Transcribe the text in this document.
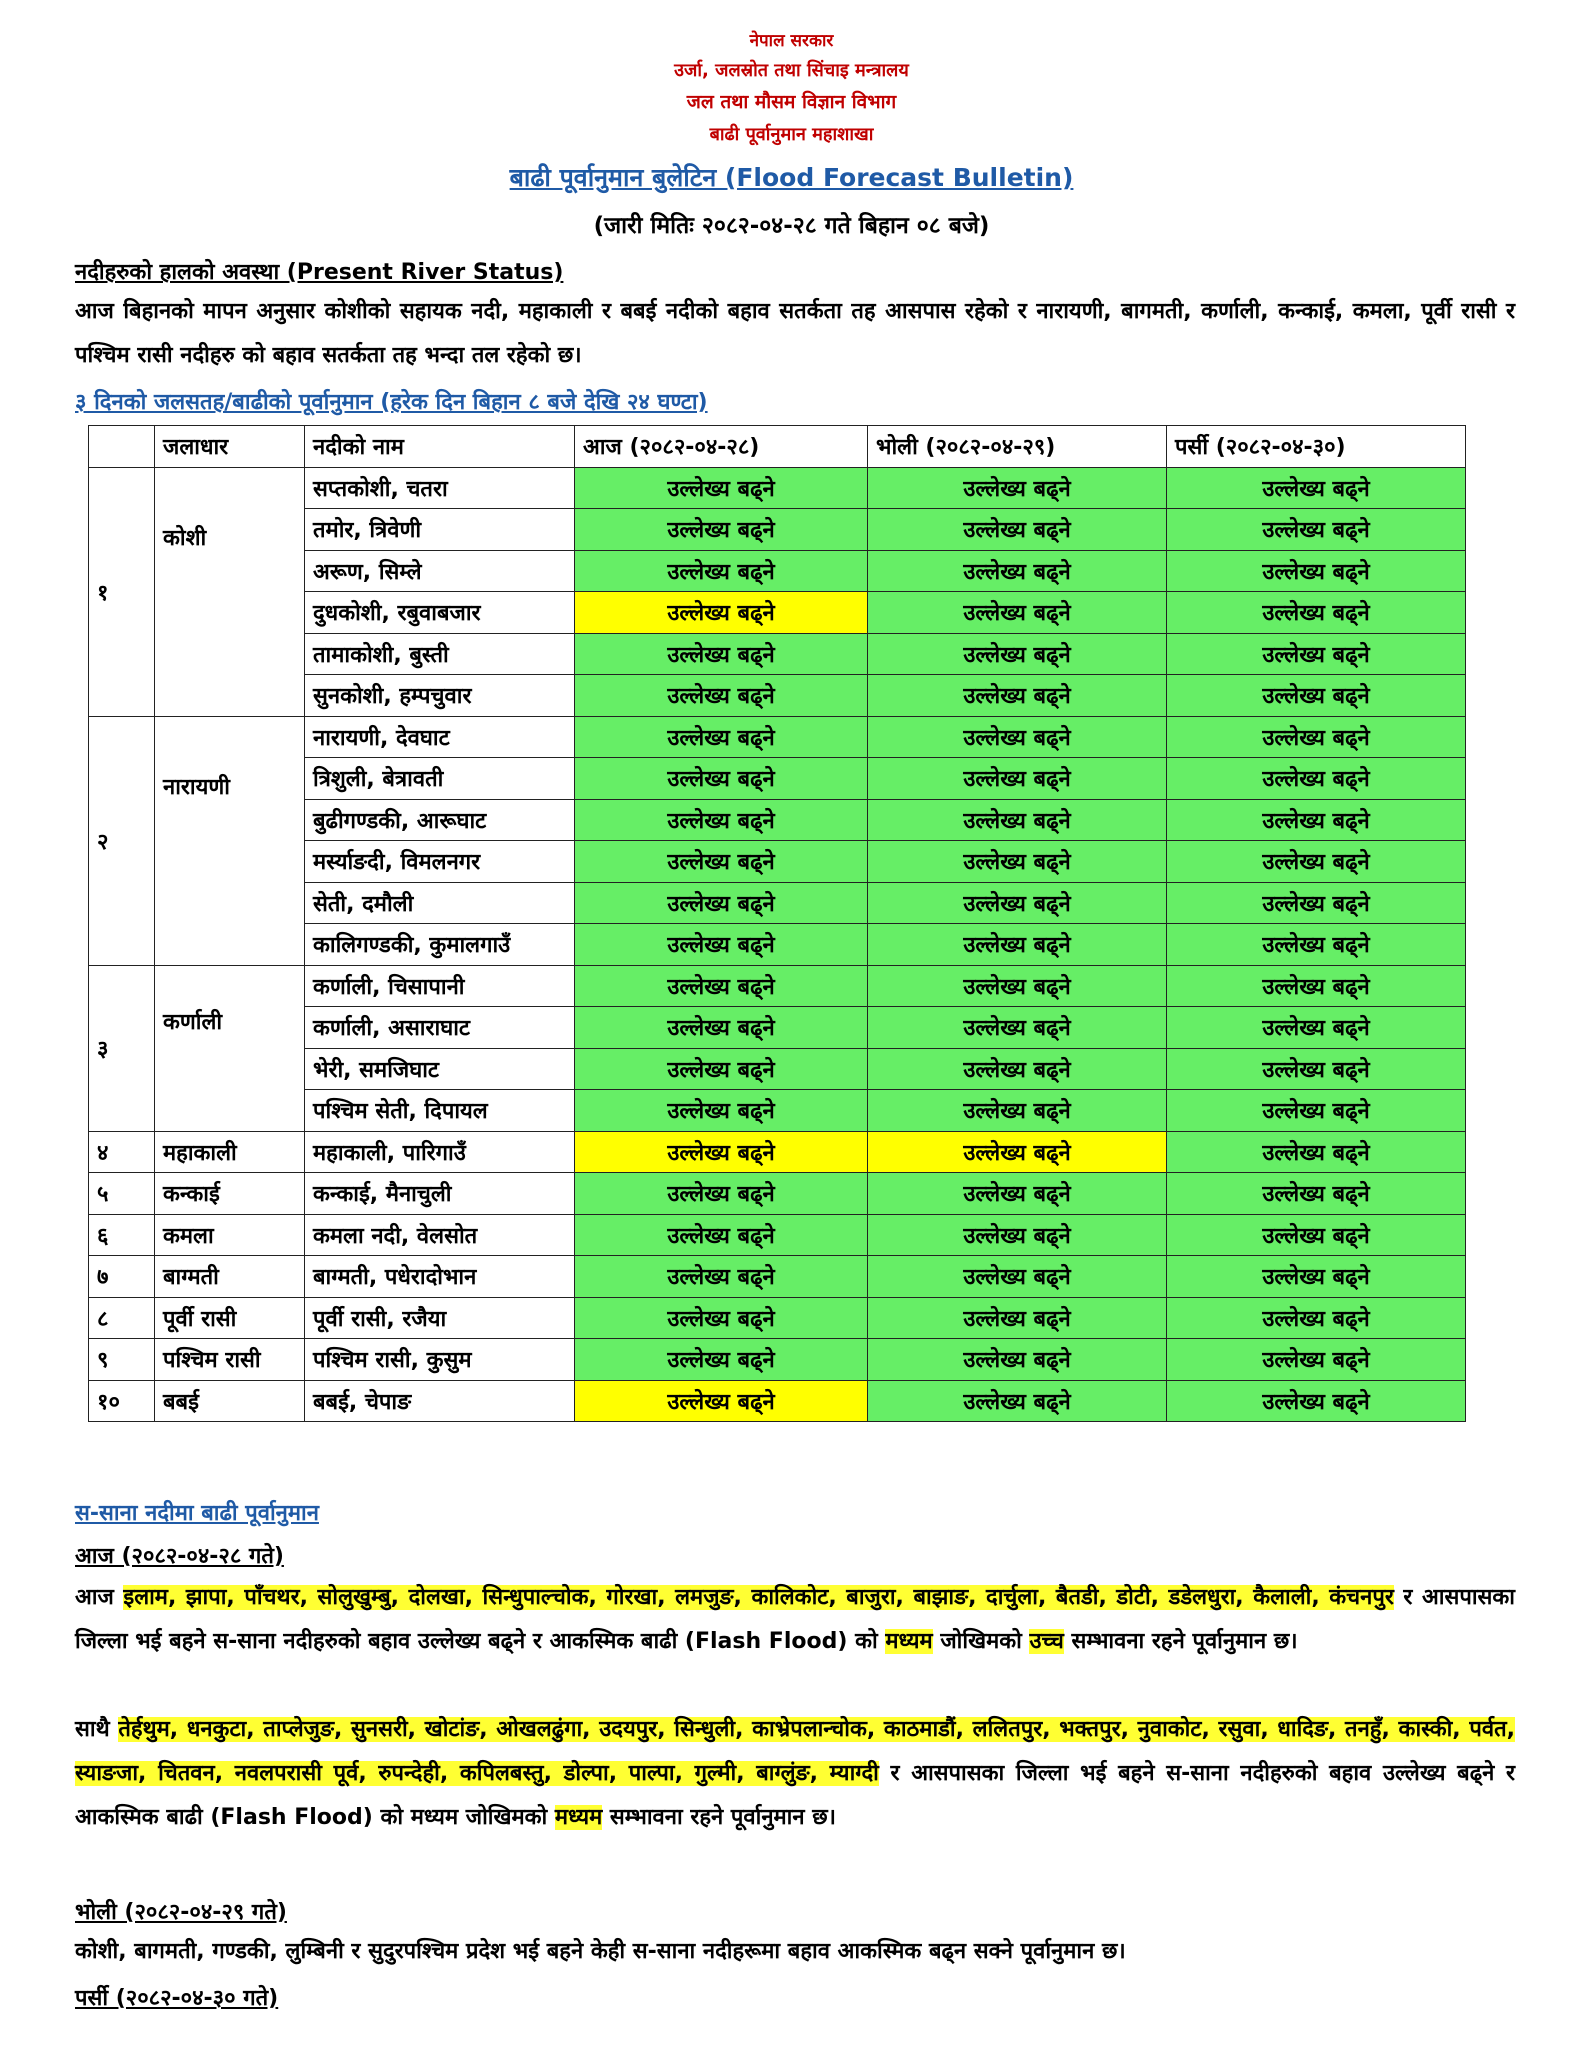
नेपाल सरकार
उर्जा, जलस्रोत तथा सिंचाइ मन्त्रालय
जल तथा मौसम विज्ञान विभाग
बाढी पूर्वानुमान महाशाखा
बाढी पूर्वानुमान बुलेटिन (Flood Forecast Bulletin)
(जारी मितिः २०८२-०४-२८ गते बिहान ०८ बजे)
नदीहरुको हालको अवस्था (Present River Status)
आज बिहानको मापन अनुसार कोशीको सहायक नदी, महाकाली र बबई नदीको बहाव सतर्कता तह आसपास रहेको र नारायणी, बागमती, कर्णाली, कन्काई, कमला, पूर्वी रासी र पश्चिम रासी नदीहरु को बहाव सतर्कता तह भन्दा तल रहेको छ।
३ दिनको जलसतह/बाढीको पूर्वानुमान (हरेक दिन बिहान ८ बजे देखि २४ घण्टा)
	जलाधार	नदीको नाम	आज (२०८२-०४-२८)	भोली (२०८२-०४-२९)	पर्सी (२०८२-०४-३०)
१	कोशी	सप्तकोशी, चतरा	उल्लेख्य बढ्ने	उल्लेख्य बढ्ने	उल्लेख्य बढ्ने
		तमोर, त्रिवेणी	उल्लेख्य बढ्ने	उल्लेख्य बढ्ने	उल्लेख्य बढ्ने
		अरूण, सिम्ले	उल्लेख्य बढ्ने	उल्लेख्य बढ्ने	उल्लेख्य बढ्ने
		दुधकोशी, रबुवाबजार	उल्लेख्य बढ्ने	उल्लेख्य बढ्ने	उल्लेख्य बढ्ने
		तामाकोशी, बुस्ती	उल्लेख्य बढ्ने	उल्लेख्य बढ्ने	उल्लेख्य बढ्ने
		सुनकोशी, हम्पचुवार	उल्लेख्य बढ्ने	उल्लेख्य बढ्ने	उल्लेख्य बढ्ने
२	नारायणी	नारायणी, देवघाट	उल्लेख्य बढ्ने	उल्लेख्य बढ्ने	उल्लेख्य बढ्ने
		त्रिशुली, बेत्रावती	उल्लेख्य बढ्ने	उल्लेख्य बढ्ने	उल्लेख्य बढ्ने
		बुढीगण्डकी, आरूघाट	उल्लेख्य बढ्ने	उल्लेख्य बढ्ने	उल्लेख्य बढ्ने
		मर्स्याङदी, विमलनगर	उल्लेख्य बढ्ने	उल्लेख्य बढ्ने	उल्लेख्य बढ्ने
		सेती, दमौली	उल्लेख्य बढ्ने	उल्लेख्य बढ्ने	उल्लेख्य बढ्ने
		कालिगण्डकी, कुमालगाउँ	उल्लेख्य बढ्ने	उल्लेख्य बढ्ने	उल्लेख्य बढ्ने
३	कर्णाली	कर्णाली, चिसापानी	उल्लेख्य बढ्ने	उल्लेख्य बढ्ने	उल्लेख्य बढ्ने
		कर्णाली, असाराघाट	उल्लेख्य बढ्ने	उल्लेख्य बढ्ने	उल्लेख्य बढ्ने
		भेरी, समजिघाट	उल्लेख्य बढ्ने	उल्लेख्य बढ्ने	उल्लेख्य बढ्ने
		पश्चिम सेती, दिपायल	उल्लेख्य बढ्ने	उल्लेख्य बढ्ने	उल्लेख्य बढ्ने
४	महाकाली	महाकाली, पारिगाउँ	उल्लेख्य बढ्ने	उल्लेख्य बढ्ने	उल्लेख्य बढ्ने
५	कन्काई	कन्काई, मैनाचुली	उल्लेख्य बढ्ने	उल्लेख्य बढ्ने	उल्लेख्य बढ्ने
६	कमला	कमला नदी, वेलसोत	उल्लेख्य बढ्ने	उल्लेख्य बढ्ने	उल्लेख्य बढ्ने
७	बाग्मती	बाग्मती, पधेरादोभान	उल्लेख्य बढ्ने	उल्लेख्य बढ्ने	उल्लेख्य बढ्ने
८	पूर्वी रासी	पूर्वी रासी, रजैया	उल्लेख्य बढ्ने	उल्लेख्य बढ्ने	उल्लेख्य बढ्ने
९	पश्चिम रासी	पश्चिम रासी, कुसुम	उल्लेख्य बढ्ने	उल्लेख्य बढ्ने	उल्लेख्य बढ्ने
१०	बबई	बबई, चेपाङ	उल्लेख्य बढ्ने	उल्लेख्य बढ्ने	उल्लेख्य बढ्ने
स-साना नदीमा बाढी पूर्वानुमान
आज (२०८२-०४-२८ गते)
आज इलाम, झापा, पाँचथर, सोलुखुम्बु, दोलखा, सिन्धुपाल्चोक, गोरखा, लमजुङ, कालिकोट, बाजुरा, बाझाङ, दार्चुला, बैतडी, डोटी, डडेलधुरा, कैलाली, कंचनपुर र आसपासका जिल्ला भई बहने स-साना नदीहरुको बहाव उल्लेख्य बढ्ने र आकस्मिक बाढी (Flash Flood) को मध्यम जोखिमको उच्च सम्भावना रहने पूर्वानुमान छ।
साथै तेर्हथुम, धनकुटा, ताप्लेजुङ, सुनसरी, खोटांङ, ओखलढुंगा, उदयपुर, सिन्धुली, काभ्रेपलान्चोक, काठमाडौं, ललितपुर, भक्तपुर, नुवाकोट, रसुवा, धादिङ, तनहुँ, कास्की, पर्वत, स्याङजा, चितवन, नवलपरासी पूर्व, रुपन्देही, कपिलबस्तु, डोल्पा, पाल्पा, गुल्मी, बाग्लुंङ, म्याग्दी र आसपासका जिल्ला भई बहने स-साना नदीहरुको बहाव उल्लेख्य बढ्ने र आकस्मिक बाढी (Flash Flood) को मध्यम जोखिमको मध्यम सम्भावना रहने पूर्वानुमान छ।
भोली (२०८२-०४-२९ गते)
कोशी, बागमती, गण्डकी, लुम्बिनी र सुदुरपश्चिम प्रदेश भई बहने केही स-साना नदीहरूमा बहाव आकस्मिक बढ्न सक्ने पूर्वानुमान छ।
पर्सी (२०८२-०४-३० गते)
